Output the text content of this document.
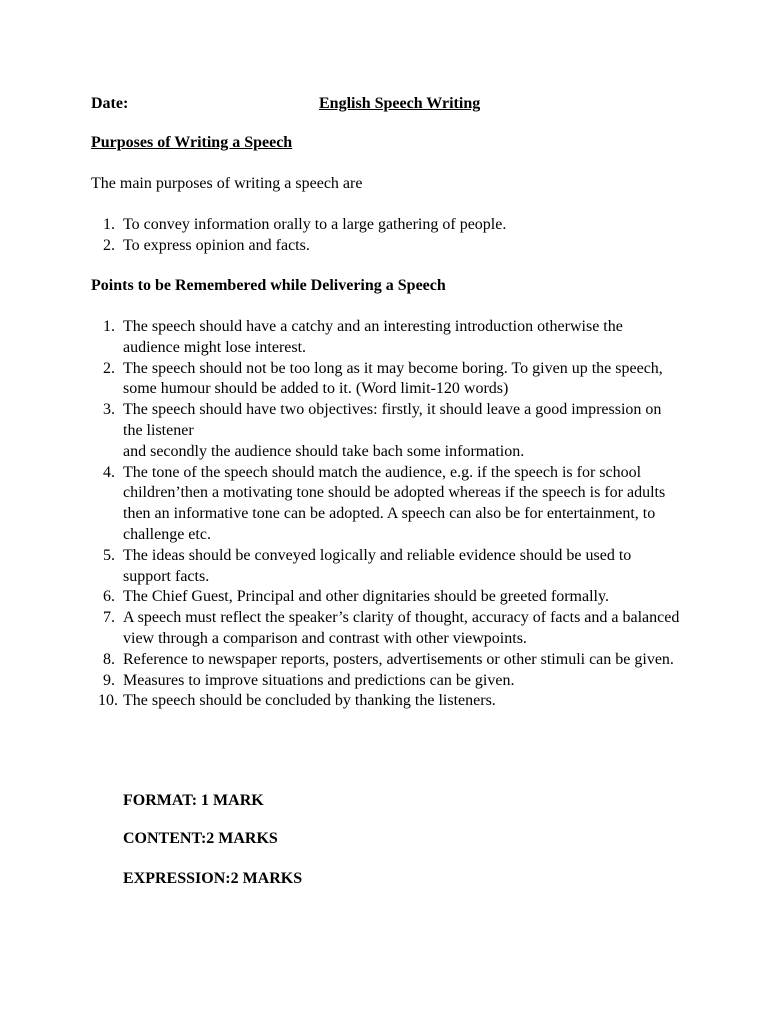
Date:	English Speech Writing
Purposes of Writing a Speech
The main purposes of writing a speech are
1. To convey information orally to a large gathering of people.
2. To express opinion and facts.
Points to be Remembered while Delivering a Speech
1. The speech should have a catchy and an interesting introduction otherwise the audience might lose interest.
2. The speech should not be too long as it may become boring. To given up the speech, some humour should be added to it. (Word limit-120 words)
3. The speech should have two objectives: firstly, it should leave a good impression on the listener
and secondly the audience should take bach some information.
4. The tone of the speech should match the audience, e.g. if the speech is for school children’then a motivating tone should be adopted whereas if the speech is for adults then an informative tone can be adopted. A speech can also be for entertainment, to challenge etc.
5. The ideas should be conveyed logically and reliable evidence should be used to support facts.
6. The Chief Guest, Principal and other dignitaries should be greeted formally.
7. A speech must reflect the speaker’s clarity of thought, accuracy of facts and a balanced view through a comparison and contrast with other viewpoints.
8. Reference to newspaper reports, posters, advertisements or other stimuli can be given.
9. Measures to improve situations and predictions can be given.
10. The speech should be concluded by thanking the listeners.
FORMAT: 1 MARK
CONTENT:2 MARKS
EXPRESSION:2 MARKS
